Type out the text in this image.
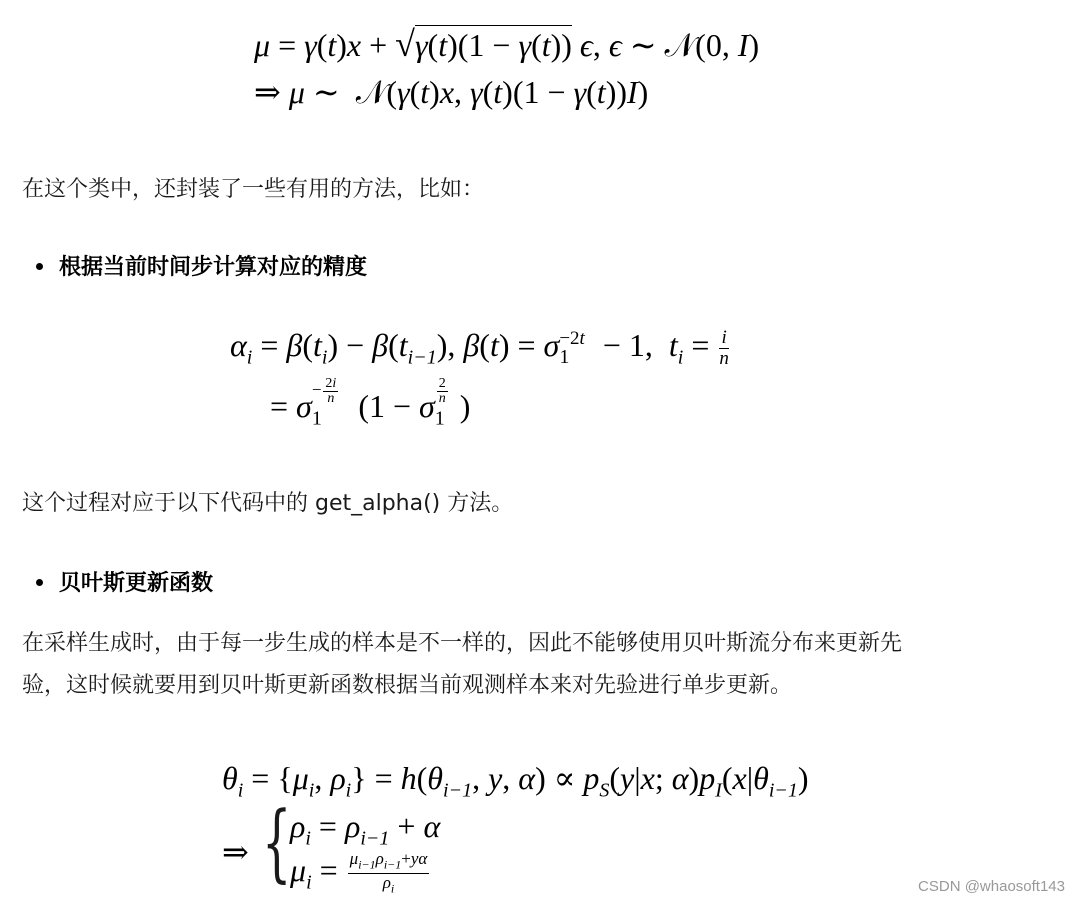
μ = γ(t)x + √γ(t)(1 − γ(t)) ϵ, ϵ ∼ 𝒩(0, I)
⇒ μ ∼  𝒩(γ(t)x, γ(t)(1 − γ(t))I)
在这个类中，还封装了一些有用的方法，比如：
根据当前时间步计算对应的精度
$\alpha_i = \beta(t_i) - \beta(t_{i-1})$, $\beta(t) = \sigma_1^{-2t} - 1$,  $t_i = \frac{i}{n}$
= $\sigma_1^{- \frac{2i}{n}}$ ($1 - \sigma_1$
$^{\frac{2}{n}}$ )
这个过程对应于以下代码中的 get_alpha() 方法。
贝叶斯更新函数
在采样生成时，由于每一步生成的样本是不一样的，因此不能够使用贝叶斯流分布来更新先
验，这时候就要用到贝叶斯更新函数根据当前观测样本来对先验进行单步更新。
$\theta_i = \{\mu_i$, $\rho_i\} = h(\theta_{i-1}$, y, $\alpha) \propto p_S(y|x$; $\alpha)p_I(x|\theta_{i-1})$
⇒ {
$\rho_i = \rho_{i-1} + \alpha$
$\mu_i = \frac{\mu_{i-1}\rho_{i-1}+y\alpha}{\rho_i}$	CSDN @whaosoft143
